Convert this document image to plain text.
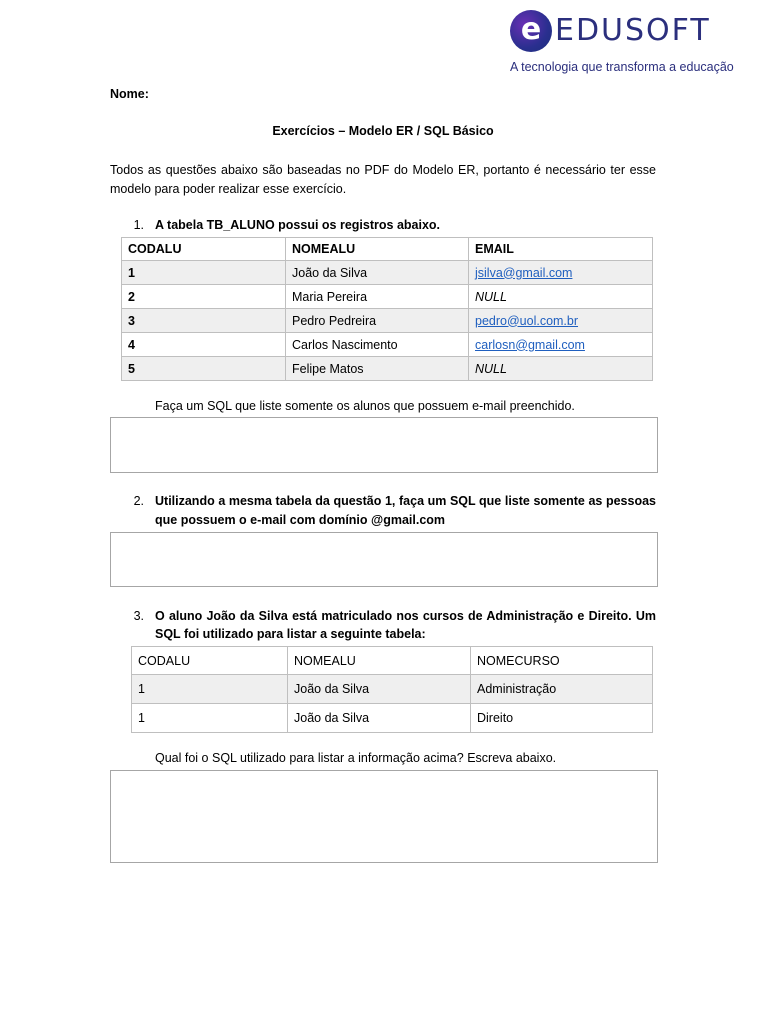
e EDUSOFT
A tecnologia que transforma a educação
Nome:
Exercícios – Modelo ER / SQL Básico
Todos as questões abaixo são baseadas no PDF do Modelo ER, portanto é necessário ter esse modelo para poder realizar esse exercício.
1. A tabela TB_ALUNO possui os registros abaixo.
CODALU	NOMEALU	EMAIL
1	João da Silva	jsilva@gmail.com
2	Maria Pereira	NULL
3	Pedro Pedreira	pedro@uol.com.br
4	Carlos Nascimento	carlosn@gmail.com
5	Felipe Matos	NULL
Faça um SQL que liste somente os alunos que possuem e-mail preenchido.
2. Utilizando a mesma tabela da questão 1, faça um SQL que liste somente as pessoas
que possuem o e-mail com domínio @gmail.com
3. O aluno João da Silva está matriculado nos cursos de Administração e Direito. Um
SQL foi utilizado para listar a seguinte tabela:
CODALU	NOMEALU	NOMECURSO
1	João da Silva	Administração
1	João da Silva	Direito
Qual foi o SQL utilizado para listar a informação acima? Escreva abaixo.
